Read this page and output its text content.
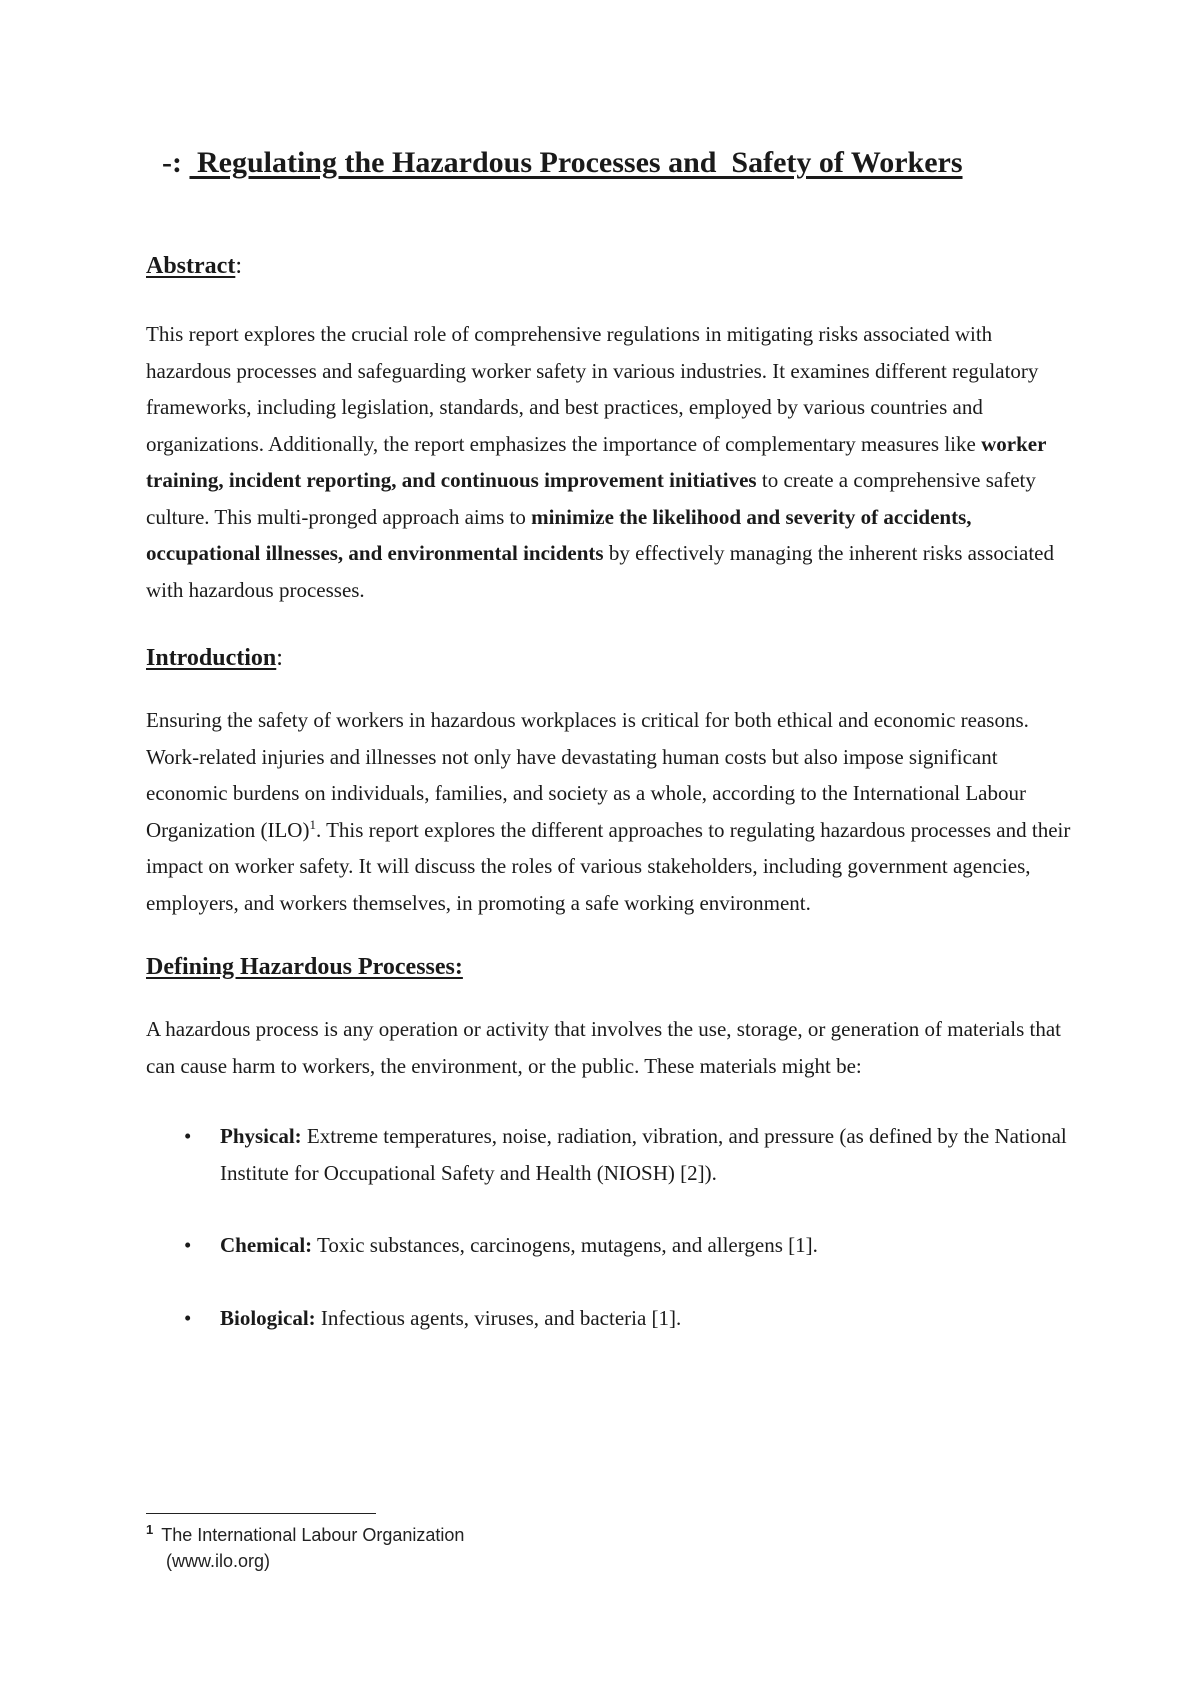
-:  Regulating the Hazardous Processes and  Safety of Workers
Abstract:

This report explores the crucial role of comprehensive regulations in mitigating risks associated with hazardous processes and safeguarding worker safety in various industries. It examines different regulatory frameworks, including legislation, standards, and best practices, employed by various countries and organizations. Additionally, the report emphasizes the importance of complementary measures like worker training, incident reporting, and continuous improvement initiatives to create a comprehensive safety culture. This multi-pronged approach aims to minimize the likelihood and severity of accidents, occupational illnesses, and environmental incidents by effectively managing the inherent risks associated with hazardous processes.

Introduction:

Ensuring the safety of workers in hazardous workplaces is critical for both ethical and economic reasons. Work-related injuries and illnesses not only have devastating human costs but also impose significant economic burdens on individuals, families, and society as a whole, according to the International Labour Organization (ILO)$^1$. This report explores the different approaches to regulating hazardous processes and their impact on worker safety. It will discuss the roles of various stakeholders, including government agencies, employers, and workers themselves, in promoting a safe working environment.

Defining Hazardous Processes:

A hazardous process is any operation or activity that involves the use, storage, or generation of materials that can cause harm to workers, the environment, or the public. These materials might be:

• Physical: Extreme temperatures, noise, radiation, vibration, and pressure (as defined by the National Institute for Occupational Safety and Health (NIOSH) [2]).
• Chemical: Toxic substances, carcinogens, mutagens, and allergens [1].
• Biological: Infectious agents, viruses, and bacteria [1].
$^1$ The International Labour Organization
(www.ilo.org)
